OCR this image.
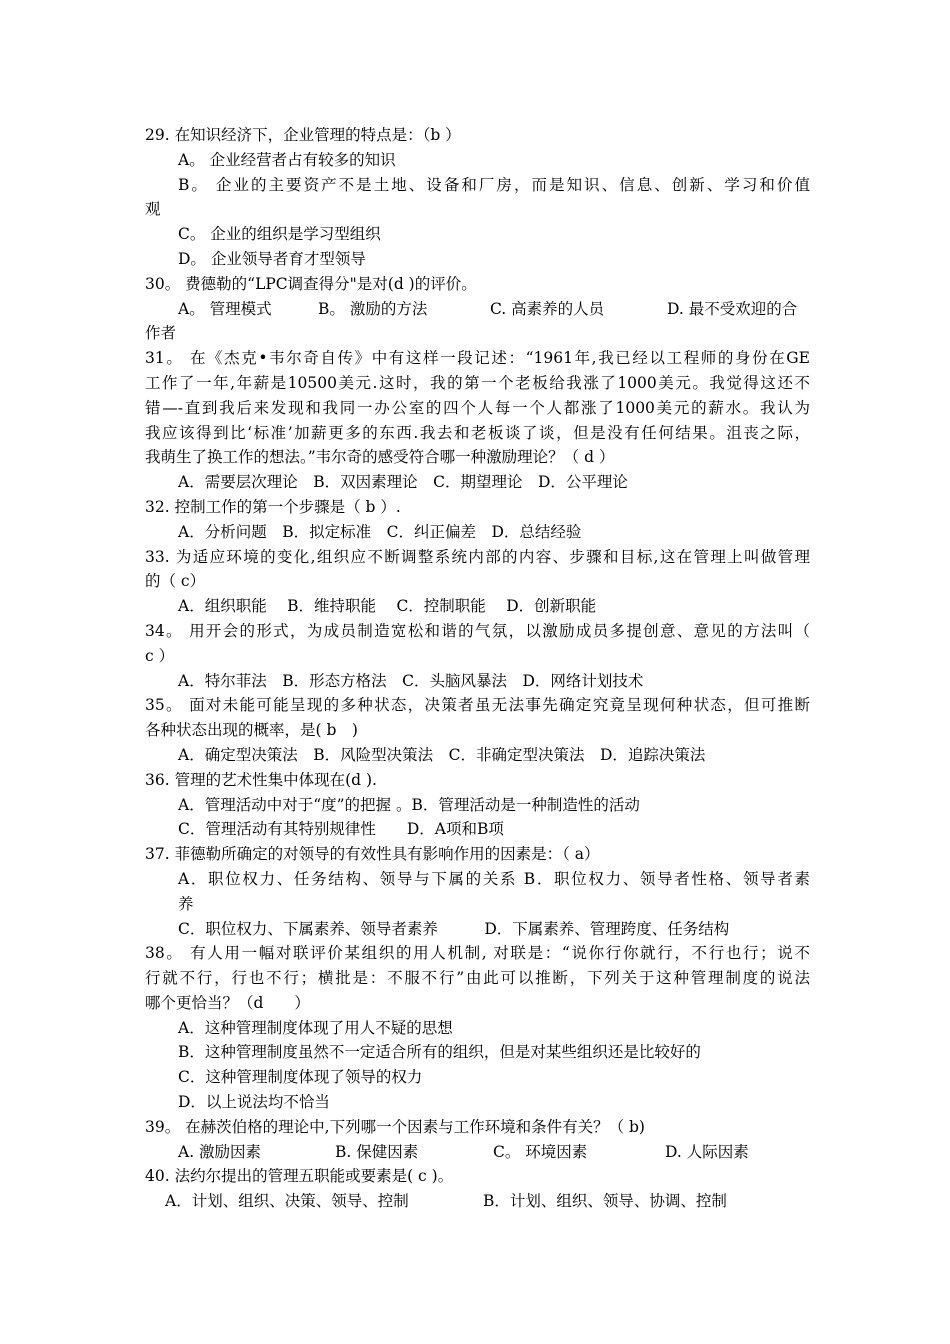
29. 在知识经济下，企业管理的特点是：（b ）
A。 企业经营者占有较多的知识
B。 企业的主要资产不是土地、设备和厂房，而是知识、信息、创新、学习和价值
观
C。 企业的组织是学习型组织
D。 企业领导者育才型领导
30。 费德勒的“LPC调查得分"是对(d )的评价。
A。 管理模式	B。 激励的方法	C. 高素养的人员	D. 最不受欢迎的合
作者
31。 在《杰克•韦尔奇自传》中有这样一段记述：“1961年,我已经以工程师的身份在GE
工作了一年,年薪是10500美元.这时，我的第一个老板给我涨了1000美元。我觉得这还不
错—-直到我后来发现和我同一办公室的四个人每一个人都涨了1000美元的薪水。我认为
我应该得到比‘标准’加薪更多的东西.我去和老板谈了谈，但是没有任何结果。沮丧之际，
我萌生了换工作的想法。”韦尔奇的感受符合哪一种激励理论？（ d ）
A．需要层次理论　B．双因素理论　C．期望理论　D．公平理论
32. 控制工作的第一个步骤是（ b ）.
A．分析问题　B．拟定标准　C．纠正偏差　D．总结经验
33. 为适应环境的变化,组织应不断调整系统内部的内容、步骤和目标,这在管理上叫做管理
的（ c）
A．组织职能　 B．维持职能　 C．控制职能　 D．创新职能
34。 用开会的形式，为成员制造宽松和谐的气氛，以激励成员多提创意、意见的方法叫（
c ）
A．特尔菲法　B．形态方格法　C．头脑风暴法　D．网络计划技术
35。 面对未能可能呈现的多种状态，决策者虽无法事先确定究竟呈现何种状态，但可推断
各种状态出现的概率，是( b　)
A．确定型决策法　B．风险型决策法　C．非确定型决策法　D．追踪决策法
36. 管理的艺术性集中体现在(d ).
A．管理活动中对于“度”的把握 。B．管理活动是一种制造性的活动
C．管理活动有其特别规律性　　D．A项和B项
37. 菲德勒所确定的对领导的有效性具有影响作用的因素是：（ a）
A．职位权力、任务结构、领导与下属的关系 B．职位权力、领导者性格、领导者素
养
C．职位权力、下属素养、领导者素养　　　D．下属素养、管理跨度、任务结构
38。 有人用一幅对联评价某组织的用人机制, 对联是：“说你行你就行，不行也行；说不
行就不行，行也不行；横批是：不服不行”由此可以推断，下列关于这种管理制度的说法
哪个更恰当？（d　　）
A．这种管理制度体现了用人不疑的思想
B．这种管理制度虽然不一定适合所有的组织，但是对某些组织还是比较好的
C．这种管理制度体现了领导的权力
D．以上说法均不恰当
39。 在赫茨伯格的理论中,下列哪一个因素与工作环境和条件有关？（ b)
A. 激励因素	B. 保健因素	C。 环境因素	D. 人际因素
40. 法约尔提出的管理五职能或要素是( c )。
A．计划、组织、决策、领导、控制	B．计划、组织、领导、协调、控制
